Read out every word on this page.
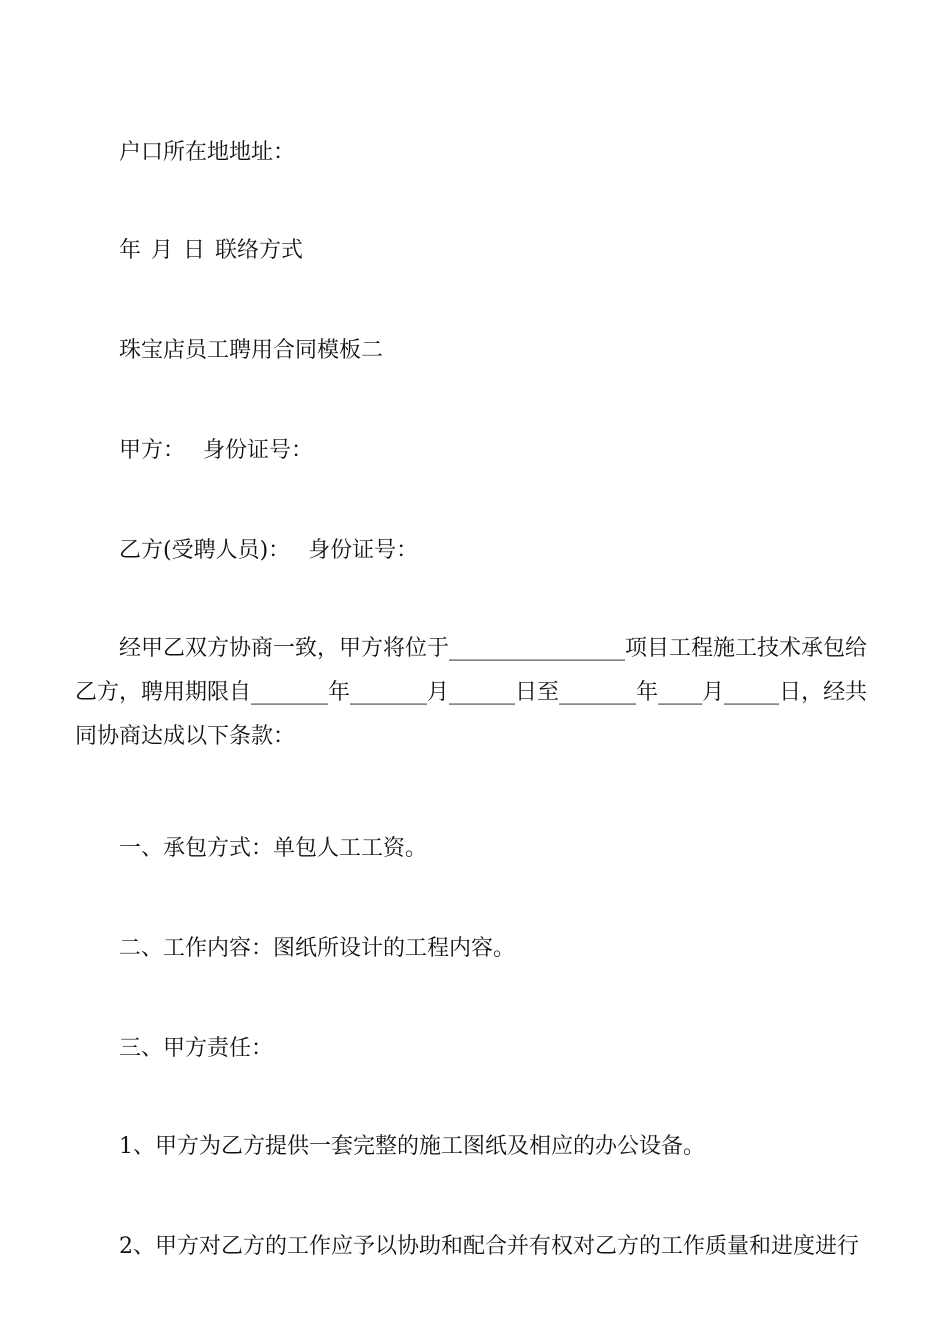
户口所在地地址：

年 月 日 联络方式

珠宝店员工聘用合同模板二

甲方： 身份证号：

乙方(受聘人员)： 身份证号：

经甲乙双方协商一致，甲方将位于________________项目工程施工技术承包给乙方，聘用期限自_______年_______月______日至_______年____月_____日，经共同协商达成以下条款：

一、承包方式：单包人工工资。

二、工作内容：图纸所设计的工程内容。

三、甲方责任：

1、甲方为乙方提供一套完整的施工图纸及相应的办公设备。

2、甲方对乙方的工作应予以协助和配合并有权对乙方的工作质量和进度进行
